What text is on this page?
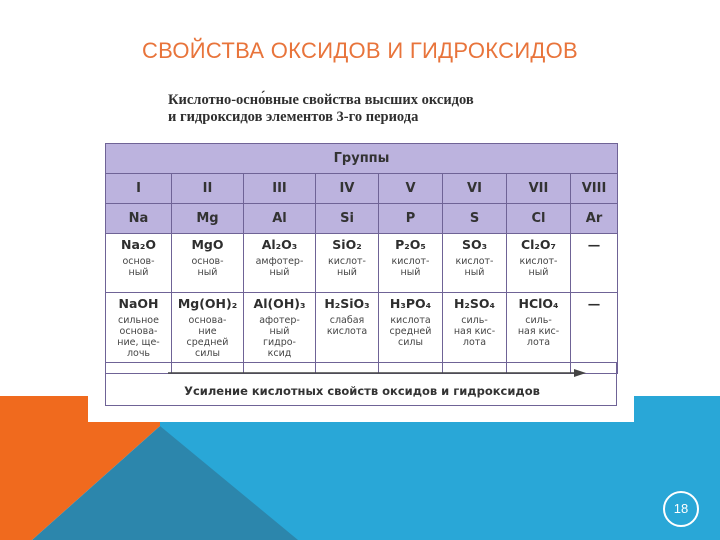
СВОЙСТВА ОКСИДОВ И ГИДРОКСИДОВ
Кислотно-осно́вные свойства высших оксидов
и гидроксидов элементов 3-го периода
Группы							
I	II	III	IV	V	VI	VII	VIII
Na	Mg	Al	Si	P	S	Cl	Ar

Na₂O
основ-
ный	MgO
основ-
ный	Al₂O₃
амфотер-
ный	SiO₂
кислот-
ный	P₂O₅
кислот-
ный	SO₃
кислот-
ный	Cl₂O₇
кислот-
ный	—

NaOH
сильное
основа-
ние, ще-
лочь	Mg(OH)₂
основа-
ние
средней
силы	Al(OH)₃
афотер-
ный
гидро-
ксид	H₂SiO₃
слабая
кислота	H₃PO₄
кислота
средней
силы	H₂SO₄
силь-
ная кис-
лота	HClO₄
силь-
ная кис-
лота	—
Усиление кислотных свойств оксидов и гидроксидов
18
